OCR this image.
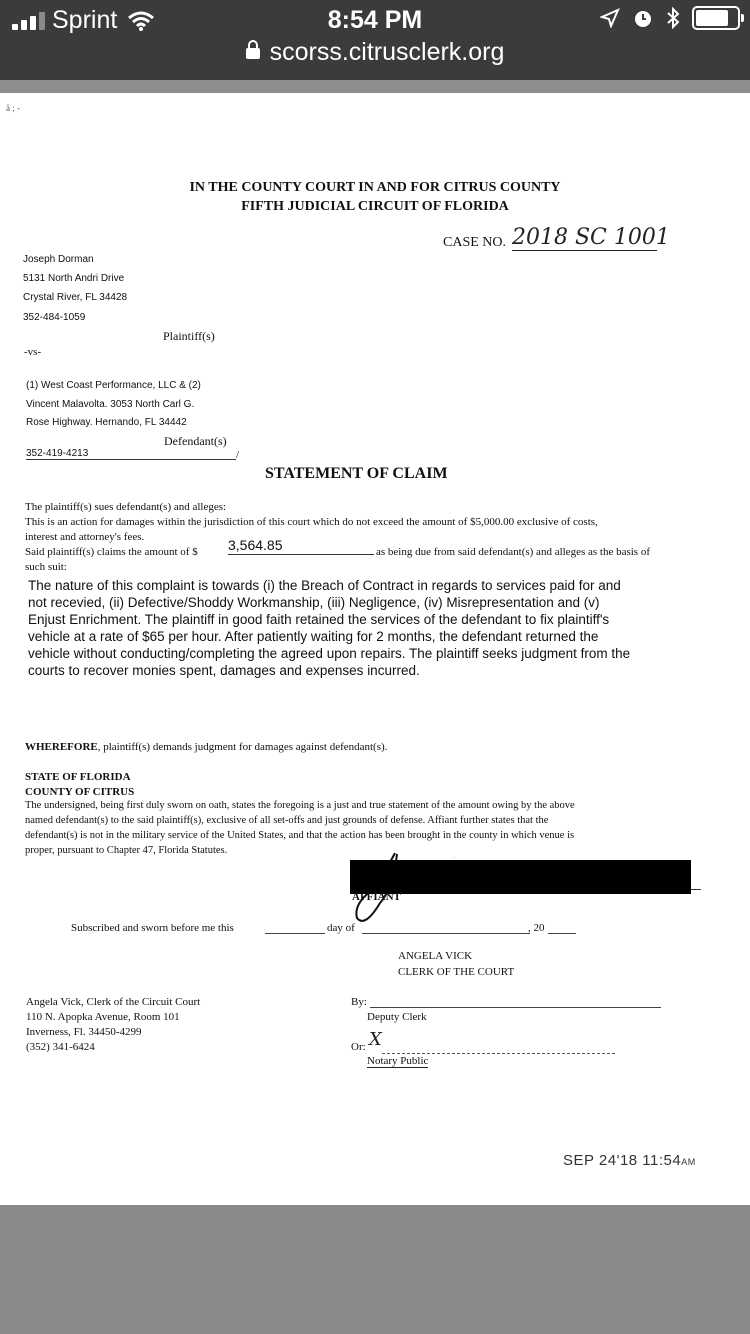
Sprint	8:54 PM
scorss.citrusclerk.org
ä ; ‐
IN THE COUNTY COURT IN AND FOR CITRUS COUNTY
FIFTH JUDICIAL CIRCUIT OF FLORIDA
CASE NO. 2018 SC 1001
Joseph Dorman
5131 North Andri Drive
Crystal River, FL 34428
352-484-1059
Plaintiff(s)
-vs-
(1) West Coast Performance, LLC & (2)
Vincent Malavolta. 3053 North Carl G.
Rose Highway. Hernando, FL 34442
Defendant(s)
352-419-4213	/
STATEMENT OF CLAIM
The plaintiff(s) sues defendant(s) and alleges:
This is an action for damages within the jurisdiction of this court which do not exceed the amount of $5,000.00 exclusive of costs,
interest and attorney's fees.
Said plaintiff(s) claims the amount of $ 3,564.85	as being due from said defendant(s) and alleges as the basis of
such suit:
The nature of this complaint is towards (i) the Breach of Contract in regards to services paid for and
not recevied, (ii) Defective/Shoddy Workmanship, (iii) Negligence, (iv) Misrepresentation and (v)
Enjust Enrichment. The plaintiff in good faith retained the services of the defendant to fix plaintiff's
vehicle at a rate of $65 per hour. After patiently waiting for 2 months, the defendant returned the
vehicle without conducting/completing the agreed upon repairs. The plaintiff seeks judgment from the
courts to recover monies spent, damages and expenses incurred.
WHEREFORE, plaintiff(s) demands judgment for damages against defendant(s).
STATE OF FLORIDA
COUNTY OF CITRUS
The undersigned, being first duly sworn on oath, states the foregoing is a just and true statement of the amount owing by the above
named defendant(s) to the said plaintiff(s), exclusive of all set-offs and just grounds of defense. Affiant further states that the
defendant(s) is not in the military service of the United States, and that the action has been brought in the county in which venue is
proper, pursuant to Chapter 47, Florida Statutes.
AFFIANT
Subscribed and sworn before me this	day of	, 20
ANGELA VICK
CLERK OF THE COURT
Angela Vick, Clerk of the Circuit Court
110 N. Apopka Avenue, Room 101
Inverness, Fl. 34450-4299
(352) 341-6424
By:
Deputy Clerk
Or: X
Notary Public
SEP 24'18 11:54AM
